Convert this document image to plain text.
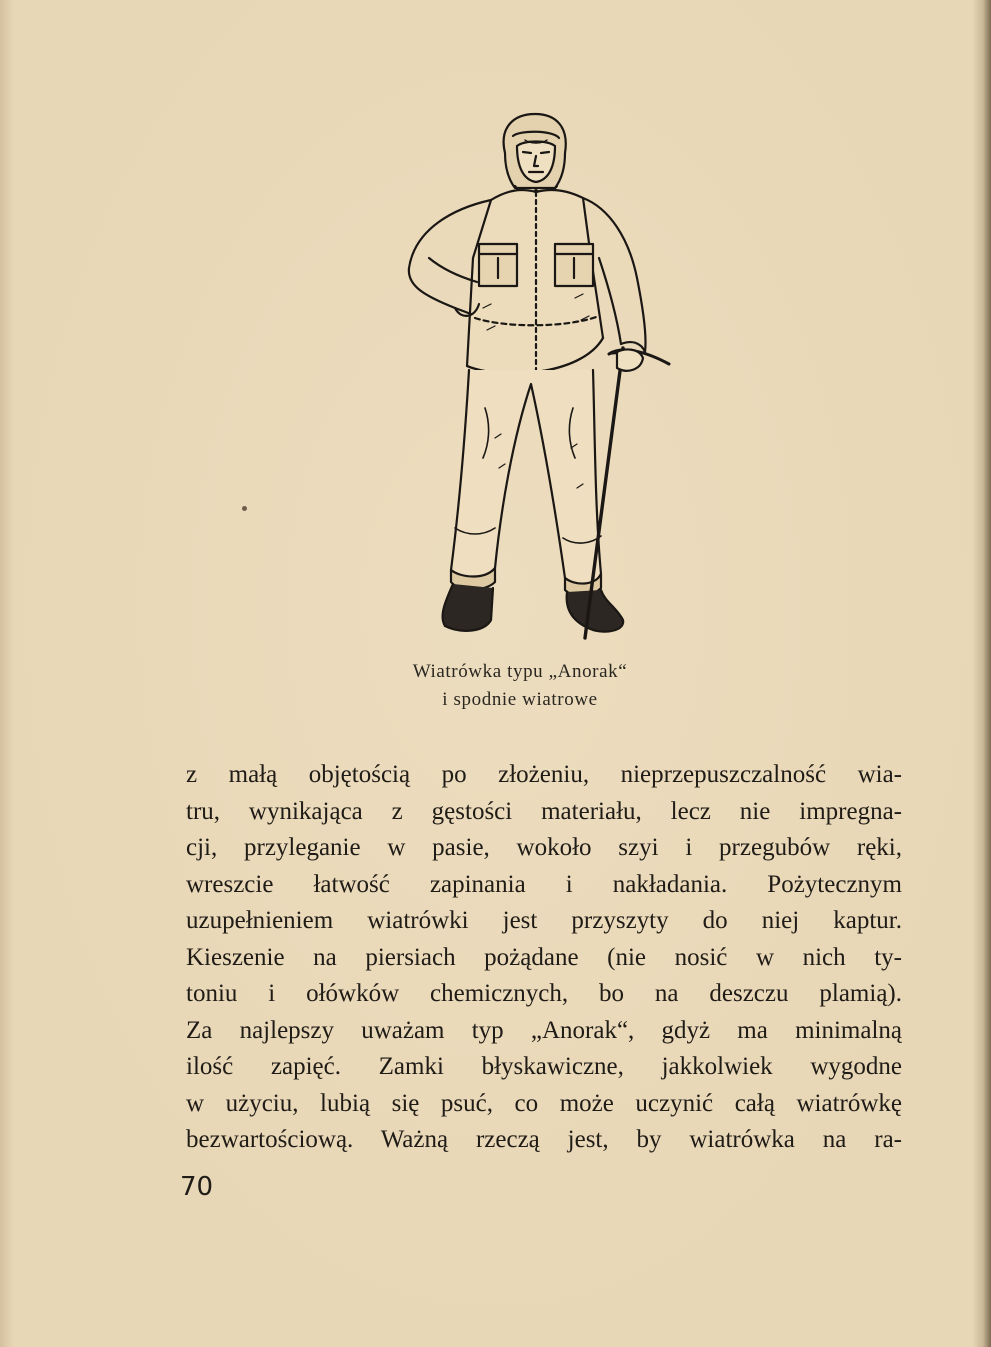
Wiatrówka typu „Anorak“
i spodnie wiatrowe
z małą objętością po złożeniu, nieprzepuszczalność wia-
tru, wynikająca z gęstości materiału, lecz nie impregna-
cji, przyleganie w pasie, wokoło szyi i przegubów ręki,
wreszcie łatwość zapinania i nakładania. Pożytecznym
uzupełnieniem wiatrówki jest przyszyty do niej kaptur.
Kieszenie na piersiach pożądane (nie nosić w nich ty-
toniu i ołówków chemicznych, bo na deszczu plamią).
Za najlepszy uważam typ „Anorak“, gdyż ma minimalną
ilość zapięć. Zamki błyskawiczne, jakkolwiek wygodne
w użyciu, lubią się psuć, co może uczynić całą wiatrówkę
bezwartościową. Ważną rzeczą jest, by wiatrówka na ra-
70
